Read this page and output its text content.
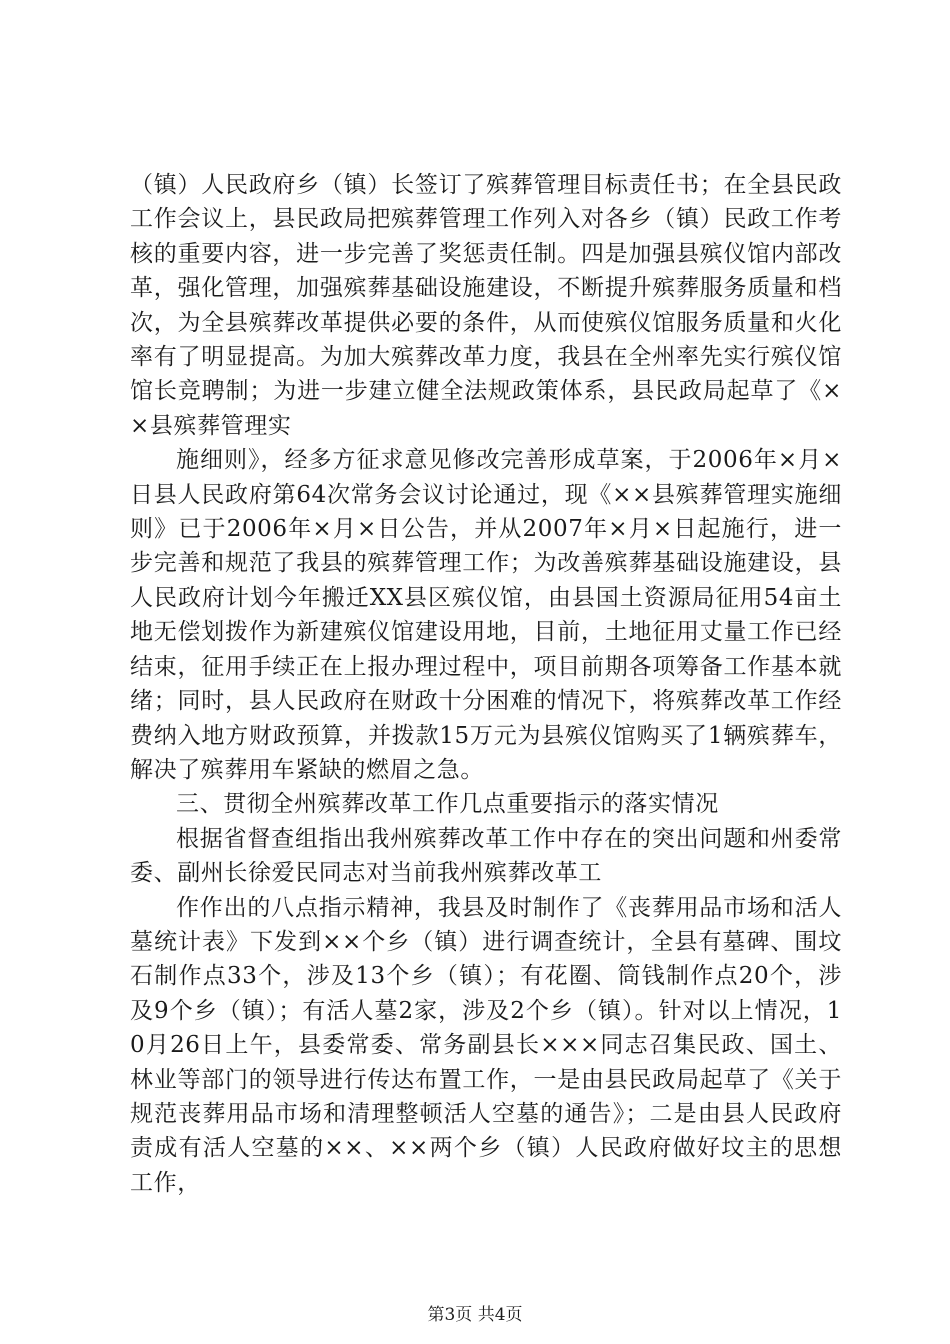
（镇）人民政府乡（镇）长签订了殡葬管理目标责任书；在全县民政工作会议上，县民政局把殡葬管理工作列入对各乡（镇）民政工作考核的重要内容，进一步完善了奖惩责任制。四是加强县殡仪馆内部改革，强化管理，加强殡葬基础设施建设，不断提升殡葬服务质量和档次，为全县殡葬改革提供必要的条件，从而使殡仪馆服务质量和火化率有了明显提高。为加大殡葬改革力度，我县在全州率先实行殡仪馆馆长竞聘制；为进一步建立健全法规政策体系，县民政局起草了《××县殡葬管理实

施细则》，经多方征求意见修改完善形成草案，于2006年×月×日县人民政府第64次常务会议讨论通过，现《××县殡葬管理实施细则》已于2006年×月×日公告，并从2007年×月×日起施行，进一步完善和规范了我县的殡葬管理工作；为改善殡葬基础设施建设，县人民政府计划今年搬迁XX县区殡仪馆，由县国土资源局征用54亩土地无偿划拨作为新建殡仪馆建设用地，目前，土地征用丈量工作已经结束，征用手续正在上报办理过程中，项目前期各项筹备工作基本就绪；同时，县人民政府在财政十分困难的情况下，将殡葬改革工作经费纳入地方财政预算，并拨款15万元为县殡仪馆购买了1辆殡葬车，解决了殡葬用车紧缺的燃眉之急。

三、贯彻全州殡葬改革工作几点重要指示的落实情况

根据省督查组指出我州殡葬改革工作中存在的突出问题和州委常委、副州长徐爱民同志对当前我州殡葬改革工

作作出的八点指示精神，我县及时制作了《丧葬用品市场和活人墓统计表》下发到××个乡（镇）进行调查统计，全县有墓碑、围坟石制作点33个，涉及13个乡（镇）；有花圈、筒钱制作点20个，涉及9个乡（镇）；有活人墓2家，涉及2个乡（镇）。针对以上情况，10月26日上午，县委常委、常务副县长×××同志召集民政、国土、林业等部门的领导进行传达布置工作，一是由县民政局起草了《关于规范丧葬用品市场和清理整顿活人空墓的通告》；二是由县人民政府责成有活人空墓的××、××两个乡（镇）人民政府做好坟主的思想工作，

第3页 共4页
